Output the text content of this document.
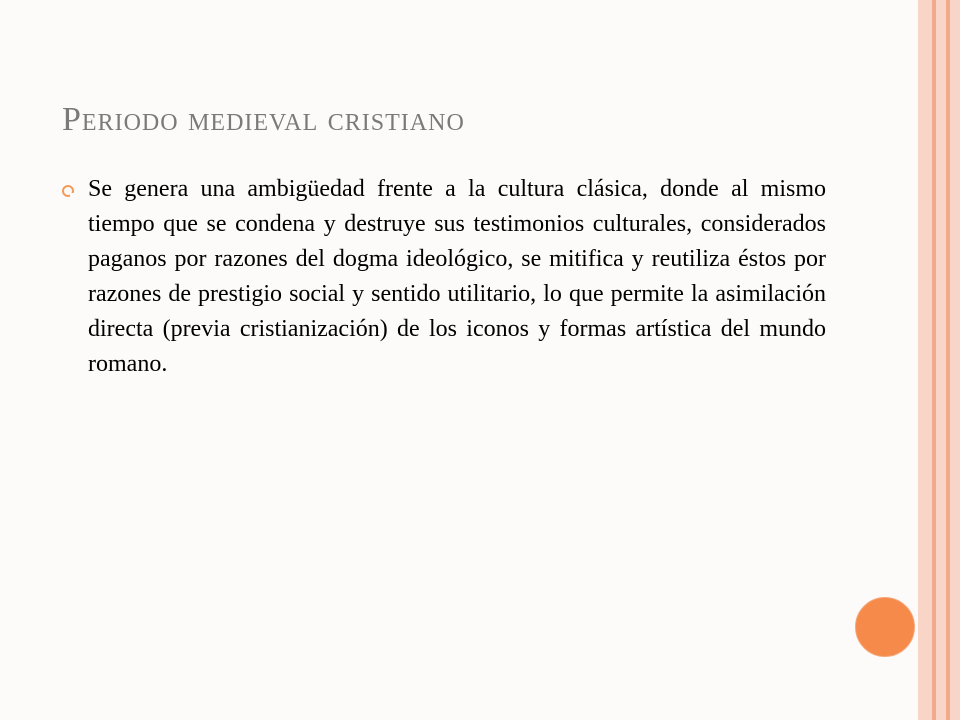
Periodo medieval cristiano
Se genera una ambigüedad frente a la cultura clásica, donde al mismo tiempo que se condena y destruye sus testimonios culturales, considerados paganos por razones del dogma ideológico, se mitifica y reutiliza éstos por razones de prestigio social y sentido utilitario, lo que permite la asimilación directa (previa cristianización) de los iconos y formas artística del mundo romano.
